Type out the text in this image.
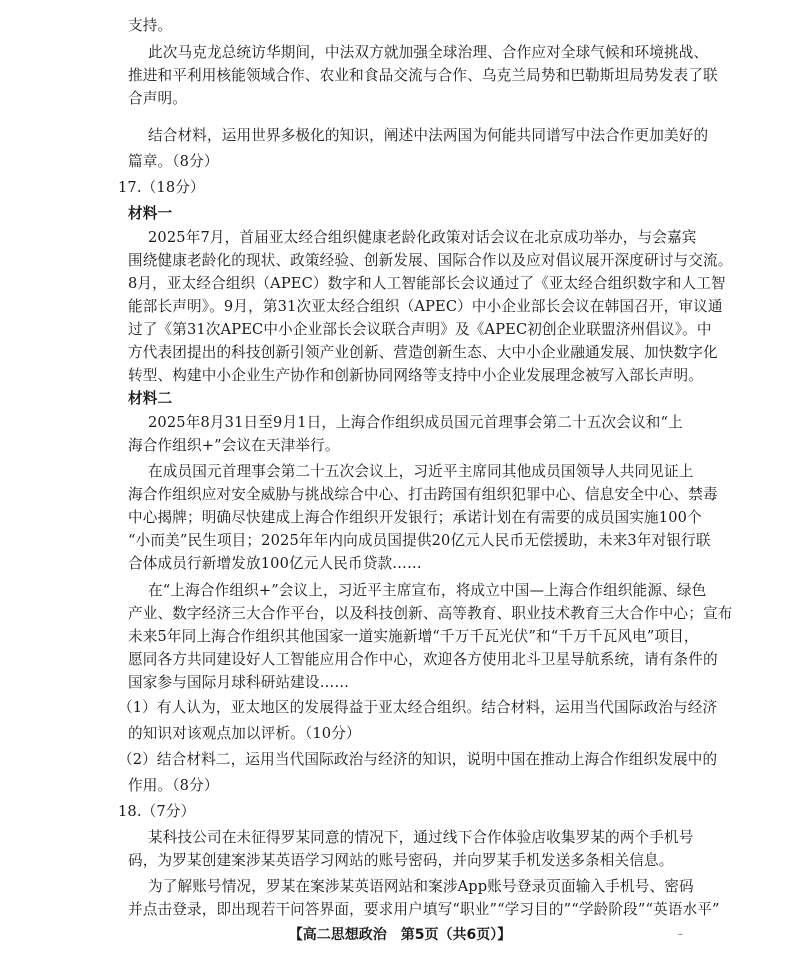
支持。

此次马克龙总统访华期间，中法双方就加强全球治理、合作应对全球气候和环境挑战、

推进和平利用核能领域合作、农业和食品交流与合作、乌克兰局势和巴勒斯坦局势发表了联

合声明。

结合材料，运用世界多极化的知识，阐述中法两国为何能共同谱写中法合作更加美好的

篇章。（8分）

17.（18分）

材料一

2025年7月，首届亚太经合组织健康老龄化政策对话会议在北京成功举办，与会嘉宾

围绕健康老龄化的现状、政策经验、创新发展、国际合作以及应对倡议展开深度研讨与交流。

8月，亚太经合组织（APEC）数字和人工智能部长会议通过了《亚太经合组织数字和人工智

能部长声明》。9月，第31次亚太经合组织（APEC）中小企业部长会议在韩国召开，审议通

过了《第31次APEC中小企业部长会议联合声明》及《APEC初创企业联盟济州倡议》。中

方代表团提出的科技创新引领产业创新、营造创新生态、大中小企业融通发展、加快数字化

转型、构建中小企业生产协作和创新协同网络等支持中小企业发展理念被写入部长声明。

材料二

2025年8月31日至9月1日，上海合作组织成员国元首理事会第二十五次会议和“上

海合作组织+”会议在天津举行。

在成员国元首理事会第二十五次会议上，习近平主席同其他成员国领导人共同见证上

海合作组织应对安全威胁与挑战综合中心、打击跨国有组织犯罪中心、信息安全中心、禁毒

中心揭牌；明确尽快建成上海合作组织开发银行；承诺计划在有需要的成员国实施100个

“小而美”民生项目；2025年年内向成员国提供20亿元人民币无偿援助，未来3年对银行联

合体成员行新增发放100亿元人民币贷款……

在“上海合作组织+”会议上，习近平主席宣布，将成立中国—上海合作组织能源、绿色

产业、数字经济三大合作平台，以及科技创新、高等教育、职业技术教育三大合作中心；宣布

未来5年同上海合作组织其他国家一道实施新增“千万千瓦光伏”和“千万千瓦风电”项目，

愿同各方共同建设好人工智能应用合作中心，欢迎各方使用北斗卫星导航系统，请有条件的

国家参与国际月球科研站建设……

（1）有人认为，亚太地区的发展得益于亚太经合组织。结合材料，运用当代国际政治与经济

的知识对该观点加以评析。（10分）

（2）结合材料二，运用当代国际政治与经济的知识，说明中国在推动上海合作组织发展中的

作用。（8分）

18.（7分）

某科技公司在未征得罗某同意的情况下，通过线下合作体验店收集罗某的两个手机号

码，为罗某创建案涉某英语学习网站的账号密码，并向罗某手机发送多条相关信息。

为了解账号情况，罗某在案涉某英语网站和案涉App账号登录页面输入手机号、密码

并点击登录，即出现若干问答界面，要求用户填写“职业”“学习目的”“学龄阶段”“英语水平”

【高二思想政治　第5页（共6页）】	–
